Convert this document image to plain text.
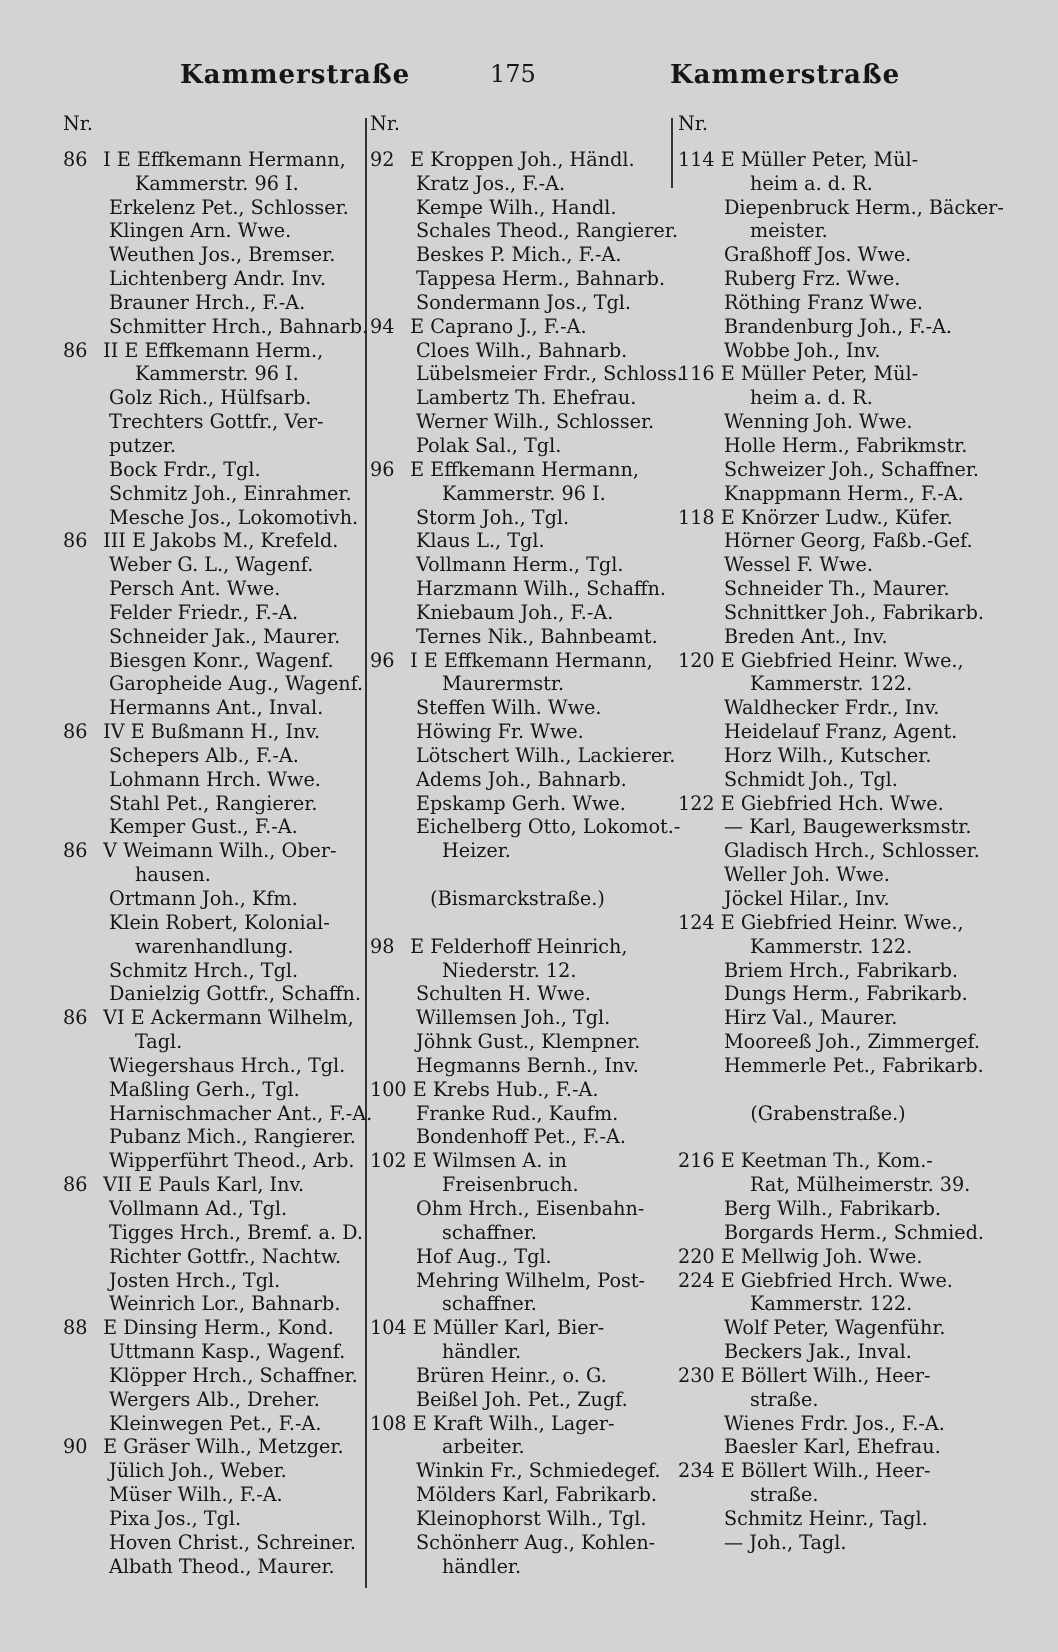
Kammerstraße	175	Kammerstraße
Nr.
86 I E Effkemann Hermann,
Kammerstr. 96 I.
Erkelenz Pet., Schlosser.
Klingen Arn. Wwe.
Weuthen Jos., Bremser.
Lichtenberg Andr. Inv.
Brauner Hrch., F.-A.
Schmitter Hrch., Bahnarb.
86 II E Effkemann Herm.,
Kammerstr. 96 I.
Golz Rich., Hülfsarb.
Trechters Gottfr., Ver-
putzer.
Bock Frdr., Tgl.
Schmitz Joh., Einrahmer.
Mesche Jos., Lokomotivh.
86 III E Jakobs M., Krefeld.
Weber G. L., Wagenf.
Persch Ant. Wwe.
Felder Friedr., F.-A.
Schneider Jak., Maurer.
Biesgen Konr., Wagenf.
Garopheide Aug., Wagenf.
Hermanns Ant., Inval.
86 IV E Bußmann H., Inv.
Schepers Alb., F.-A.
Lohmann Hrch. Wwe.
Stahl Pet., Rangierer.
Kemper Gust., F.-A.
86 V Weimann Wilh., Ober-
hausen.
Ortmann Joh., Kfm.
Klein Robert, Kolonial-
warenhandlung.
Schmitz Hrch., Tgl.
Danielzig Gottfr., Schaffn.
86 VI E Ackermann Wilhelm,
Tagl.
Wiegershaus Hrch., Tgl.
Maßling Gerh., Tgl.
Harnischmacher Ant., F.-A.
Pubanz Mich., Rangierer.
Wipperführt Theod., Arb.
86 VII E Pauls Karl, Inv.
Vollmann Ad., Tgl.
Tigges Hrch., Bremf. a. D.
Richter Gottfr., Nachtw.
Josten Hrch., Tgl.
Weinrich Lor., Bahnarb.
88 E Dinsing Herm., Kond.
Uttmann Kasp., Wagenf.
Klöpper Hrch., Schaffner.
Wergers Alb., Dreher.
Kleinwegen Pet., F.-A.
90 E Gräser Wilh., Metzger.
Jülich Joh., Weber.
Müser Wilh., F.-A.
Pixa Jos., Tgl.
Hoven Christ., Schreiner.
Albath Theod., Maurer.
Nr.
92 E Kroppen Joh., Händl.
Kratz Jos., F.-A.
Kempe Wilh., Handl.
Schales Theod., Rangierer.
Beskes P. Mich., F.-A.
Tappesa Herm., Bahnarb.
Sondermann Jos., Tgl.
94 E Caprano J., F.-A.
Cloes Wilh., Bahnarb.
Lübelsmeier Frdr., Schloss.
Lambertz Th. Ehefrau.
Werner Wilh., Schlosser.
Polak Sal., Tgl.
96 E Effkemann Hermann,
Kammerstr. 96 I.
Storm Joh., Tgl.
Klaus L., Tgl.
Vollmann Herm., Tgl.
Harzmann Wilh., Schaffn.
Kniebaum Joh., F.-A.
Ternes Nik., Bahnbeamt.
96 I E Effkemann Hermann,
Maurermstr.
Steffen Wilh. Wwe.
Höwing Fr. Wwe.
Lötschert Wilh., Lackierer.
Adems Joh., Bahnarb.
Epskamp Gerh. Wwe.
Eichelberg Otto, Lokomot.-
Heizer.
(Bismarckstraße.)
98 E Felderhoff Heinrich,
Niederstr. 12.
Schulten H. Wwe.
Willemsen Joh., Tgl.
Jöhnk Gust., Klempner.
Hegmanns Bernh., Inv.
100 E Krebs Hub., F.-A.
Franke Rud., Kaufm.
Bondenhoff Pet., F.-A.
102 E Wilmsen A. in
Freisenbruch.
Ohm Hrch., Eisenbahn-
schaffner.
Hof Aug., Tgl.
Mehring Wilhelm, Post-
schaffner.
104 E Müller Karl, Bier-
händler.
Brüren Heinr., o. G.
Beißel Joh. Pet., Zugf.
108 E Kraft Wilh., Lager-
arbeiter.
Winkin Fr., Schmiedegef.
Mölders Karl, Fabrikarb.
Kleinophorst Wilh., Tgl.
Schönherr Aug., Kohlen-
händler.
Nr.
114 E Müller Peter, Mül-
heim a. d. R.
Diepenbruck Herm., Bäcker-
meister.
Graßhoff Jos. Wwe.
Ruberg Frz. Wwe.
Röthing Franz Wwe.
Brandenburg Joh., F.-A.
Wobbe Joh., Inv.
116 E Müller Peter, Mül-
heim a. d. R.
Wenning Joh. Wwe.
Holle Herm., Fabrikmstr.
Schweizer Joh., Schaffner.
Knappmann Herm., F.-A.
118 E Knörzer Ludw., Küfer.
Hörner Georg, Faßb.-Gef.
Wessel F. Wwe.
Schneider Th., Maurer.
Schnittker Joh., Fabrikarb.
Breden Ant., Inv.
120 E Giebfried Heinr. Wwe.,
Kammerstr. 122.
Waldhecker Frdr., Inv.
Heidelauf Franz, Agent.
Horz Wilh., Kutscher.
Schmidt Joh., Tgl.
122 E Giebfried Hch. Wwe.
— Karl, Baugewerksmstr.
Gladisch Hrch., Schlosser.
Weller Joh. Wwe.
Jöckel Hilar., Inv.
124 E Giebfried Heinr. Wwe.,
Kammerstr. 122.
Briem Hrch., Fabrikarb.
Dungs Herm., Fabrikarb.
Hirz Val., Maurer.
Mooreeß Joh., Zimmergef.
Hemmerle Pet., Fabrikarb.
(Grabenstraße.)
216 E Keetman Th., Kom.-
Rat, Mülheimerstr. 39.
Berg Wilh., Fabrikarb.
Borgards Herm., Schmied.
220 E Mellwig Joh. Wwe.
224 E Giebfried Hrch. Wwe.
Kammerstr. 122.
Wolf Peter, Wagenführ.
Beckers Jak., Inval.
230 E Böllert Wilh., Heer-
straße.
Wienes Frdr. Jos., F.-A.
Baesler Karl, Ehefrau.
234 E Böllert Wilh., Heer-
straße.
Schmitz Heinr., Tagl.
— Joh., Tagl.
